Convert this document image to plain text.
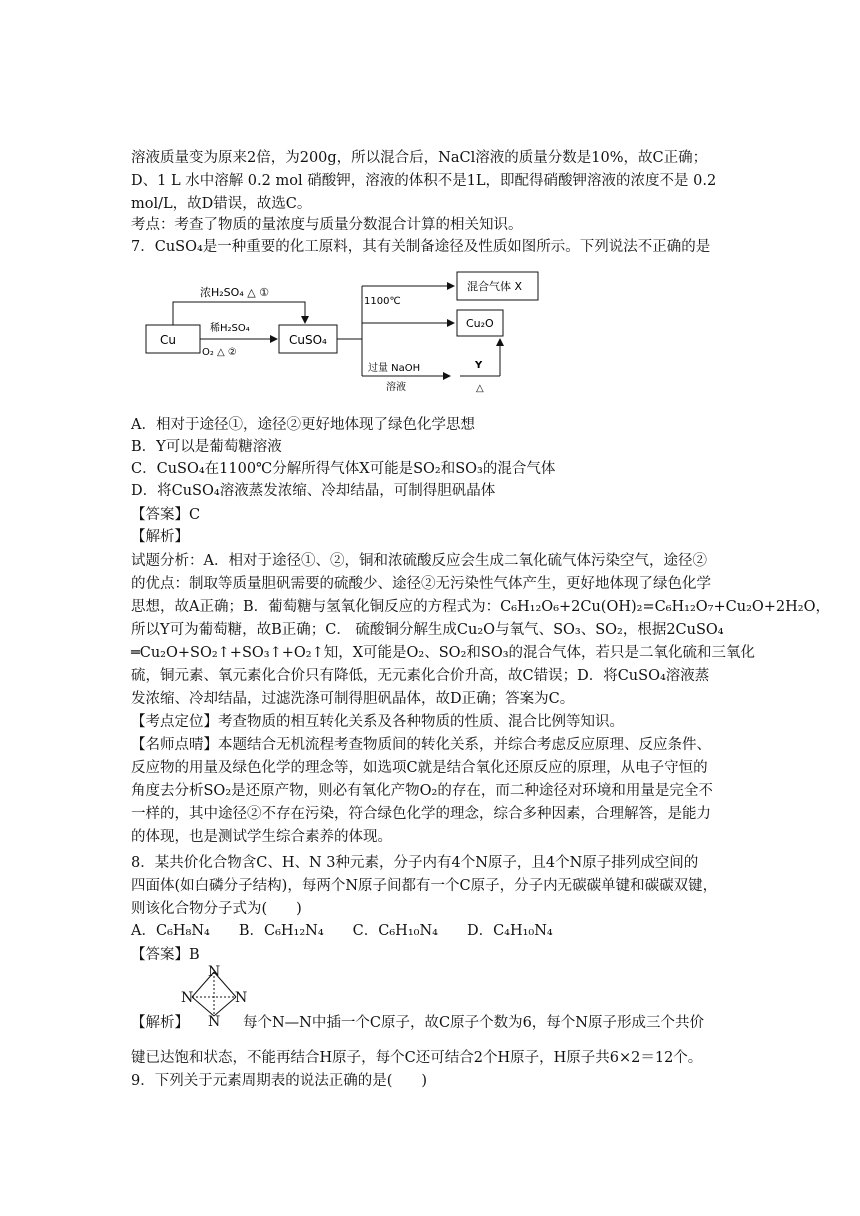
溶液质量变为原来2倍，为200g，所以混合后，NaCl溶液的质量分数是10%，故C正确；
D、1 L 水中溶解 0.2 mol 硝酸钾，溶液的体积不是1L，即配得硝酸钾溶液的浓度不是 0.2
mol/L，故D错误，故选C。
考点：考查了物质的量浓度与质量分数混合计算的相关知识。
7．CuSO₄是一种重要的化工原料，其有关制备途径及性质如图所示。下列说法不正确的是
Cu	CuSO₄
浓H₂SO₄ △ ①
稀H₂SO₄
O₂ △ ②
1100℃
混合气体 X
Cu₂O
过量 NaOH
溶液
Y
△
A．相对于途径①，途径②更好地体现了绿色化学思想
B．Y可以是葡萄糖溶液
C．CuSO₄在1100℃分解所得气体X可能是SO₂和SO₃的混合气体
D．将CuSO₄溶液蒸发浓缩、冷却结晶，可制得胆矾晶体
【答案】C
【解析】
试题分析：A．相对于途径①、②，铜和浓硫酸反应会生成二氧化硫气体污染空气，途径②
的优点：制取等质量胆矾需要的硫酸少、途径②无污染性气体产生，更好地体现了绿色化学
思想，故A正确；B．葡萄糖与氢氧化铜反应的方程式为：C₆H₁₂O₆+2Cu(OH)₂=C₆H₁₂O₇+Cu₂O+2H₂O，
所以Y可为葡萄糖，故B正确；C． 硫酸铜分解生成Cu₂O与氧气、SO₃、SO₂，根据2CuSO₄
═Cu₂O+SO₂↑+SO₃↑+O₂↑知，X可能是O₂、SO₂和SO₃的混合气体，若只是二氧化硫和三氧化
硫，铜元素、氧元素化合价只有降低，无元素化合价升高，故C错误；D．将CuSO₄溶液蒸
发浓缩、冷却结晶，过滤洗涤可制得胆矾晶体，故D正确；答案为C。
【考点定位】考查物质的相互转化关系及各种物质的性质、混合比例等知识。
【名师点晴】本题结合无机流程考查物质间的转化关系，并综合考虑反应原理、反应条件、
反应物的用量及绿色化学的理念等，如选项C就是结合氧化还原反应的原理，从电子守恒的
角度去分析SO₂是还原产物，则必有氧化产物O₂的存在，而二种途径对环境和用量是完全不
一样的，其中途径②不存在污染，符合绿色化学的理念，综合多种因素，合理解答，是能力
的体现，也是测试学生综合素养的体现。
8．某共价化合物含C、H、N 3种元素，分子内有4个N原子，且4个N原子排列成空间的
四面体(如白磷分子结构)，每两个N原子间都有一个C原子，分子内无碳碳单键和碳碳双键，
则该化合物分子式为(　　)
A．C₆H₈N₄　　B．C₆H₁₂N₄　　C．C₆H₁₀N₄　　D．C₄H₁₀N₄
【答案】B
N
N	N
N
【解析】	每个N—N中插一个C原子，故C原子个数为6，每个N原子形成三个共价
键已达饱和状态，不能再结合H原子，每个C还可结合2个H原子，H原子共6×2＝12个。
9．下列关于元素周期表的说法正确的是(　　)
